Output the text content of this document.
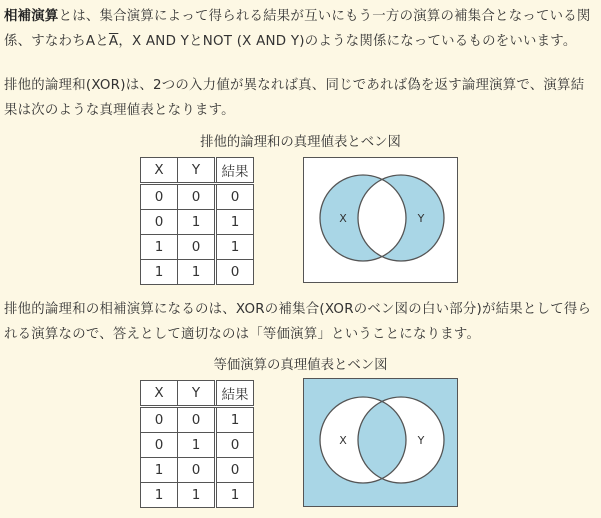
相補演算とは、集合演算によって得られる結果が互いにもう一方の演算の補集合となっている関係、すなわちAと$\overline{A}$，X AND YとNOT (X AND Y)のような関係になっているものをいいます。

排他的論理和(XOR)は、2つの入力値が異なれば真、同じであれば偽を返す論理演算で、演算結果は次のような真理値表となります。

排他的論理和の真理値表とベン図
X	Y	結果
0	0	0
0	1	1
1	0	1
1	1	0
X	Y

排他的論理和の相補演算になるのは、XORの補集合(XORのベン図の白い部分)が結果として得られる演算なので、答えとして適切なのは「等価演算」ということになります。

等価演算の真理値表とベン図
X	Y	結果
0	0	1
0	1	0
1	0	0
1	1	1
X	Y
